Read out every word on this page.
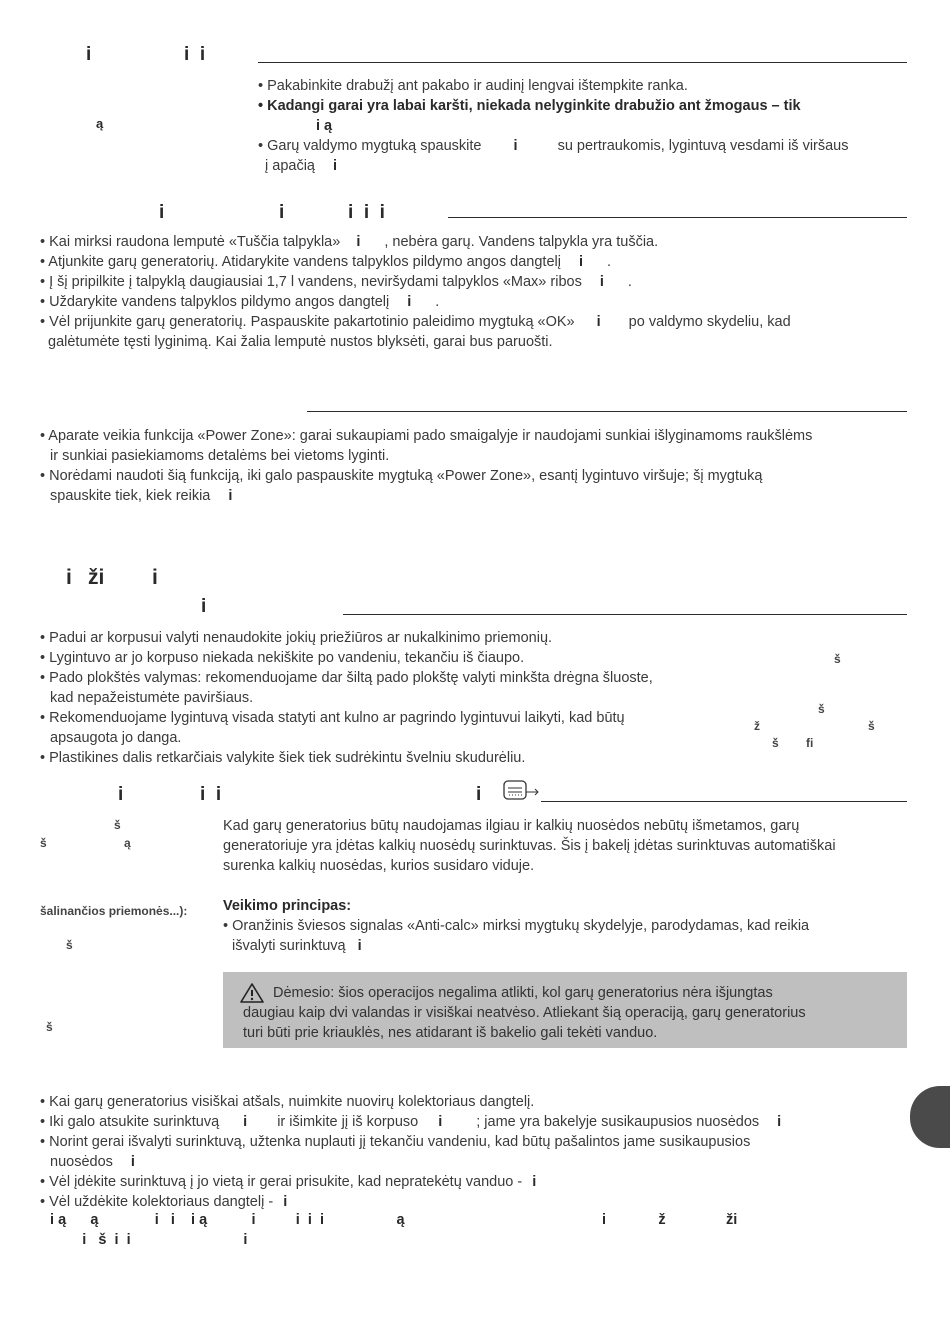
i	i  i
ą

• Pakabinkite drabužį ant pakabo ir audinį lengvai ištempkite ranka.

• Kadangi garai yra labai karšti, niekada nelyginkite drabužio ant žmogaus – tik

i ą

• Garų valdymo mygtuką spauskite i	su pertraukomis, lygintuvą vesdami iš viršaus

į apačią i

i	i	i  i  i

• Kai mirksi raudona lemputė «Tuščia talpykla» i , nebėra garų. Vandens talpykla yra tuščia.

• Atjunkite garų generatorių. Atidarykite vandens talpyklos pildymo angos dangtelį i .

• Į šį pripilkite į talpyklą daugiausiai 1,7 l vandens, neviršydami talpyklos «Max» ribos i .

• Uždarykite vandens talpyklos pildymo angos dangtelį i .

• Vėl prijunkite garų generatorių. Paspauskite pakartotinio paleidimo mygtuką «OK» i po valdymo skydeliu, kad

galėtumėte tęsti lyginimą. Kai žalia lemputė nustos blyksėti, garai bus paruošti.

• Aparate veikia funkcija «Power Zone»: garai sukaupiami pado smaigalyje ir naudojami sunkiai išlyginamoms raukšlėms

ir sunkiai pasiekiamoms detalėms bei vietoms lyginti.

• Norėdami naudoti šią funkciją, iki galo paspauskite mygtuką «Power Zone», esantį lygintuvo viršuje; šį mygtuką

spauskite tiek, kiek reikia i

i ži i
i

• Padui ar korpusui valyti nenaudokite jokių priežiūros ar nukalkinimo priemonių.

• Lygintuvo ar jo korpuso niekada nekiškite po vandeniu, tekančiu iš čiaupo.

• Pado plokštės valymas: rekomenduojame dar šiltą pado plokštę valyti minkšta drėgna šluoste,

kad nepažeistumėte paviršiaus.

• Rekomenduojame lygintuvą visada statyti ant kulno ar pagrindo lygintuvui laikyti, kad būtų

apsaugota jo danga.

• Plastikines dalis retkarčiais valykite šiek tiek sudrėkintu švelniu skudurėliu.

š
š
ž	š
š fi
i	i  i	i
š
š	ą
šalinančios priemonės...):
š
š

Kad garų generatorius būtų naudojamas ilgiau ir kalkių nuosėdos nebūtų išmetamos, garų

generatoriuje yra įdėtas kalkių nuosėdų surinktuvas. Šis į bakelį įdėtas surinktuvas automatiškai

surenka kalkių nuosėdas, kurios susidaro viduje.

Veikimo principas:

• Oranžinis šviesos signalas «Anti-calc» mirksi mygtukų skydelyje, parodydamas, kad reikia

išvalyti surinktuvą i

Dėmesio: šios operacijos negalima atlikti, kol garų generatorius nėra išjungtas
daugiau kaip dvi valandas ir visiškai neatvėso. Atliekant šią operaciją, garų generatorius
turi būti prie kriauklės, nes atidarant iš bakelio gali tekėti vanduo.

• Kai garų generatorius visiškai atšals, nuimkite nuovirų kolektoriaus dangtelį.

• Iki galo atsukite surinktuvą i ir išimkite jį iš korpuso i ; jame yra bakelyje susikaupusios nuosėdos i

• Norint gerai išvalyti surinktuvą, užtenka nuplauti jį tekančiu vandeniu, kad būtų pašalintos jame susikaupusios

nuosėdos i

• Vėl įdėkite surinktuvą į jo vietą ir gerai prisukite, kad nepratekėtų vanduo - i

• Vėl uždėkite kolektoriaus dangtelį - i

i ą      ą              i   i    i ą           i          i  i  i                  ą                                                 i             ž               ži
i   š  i  i                            i
